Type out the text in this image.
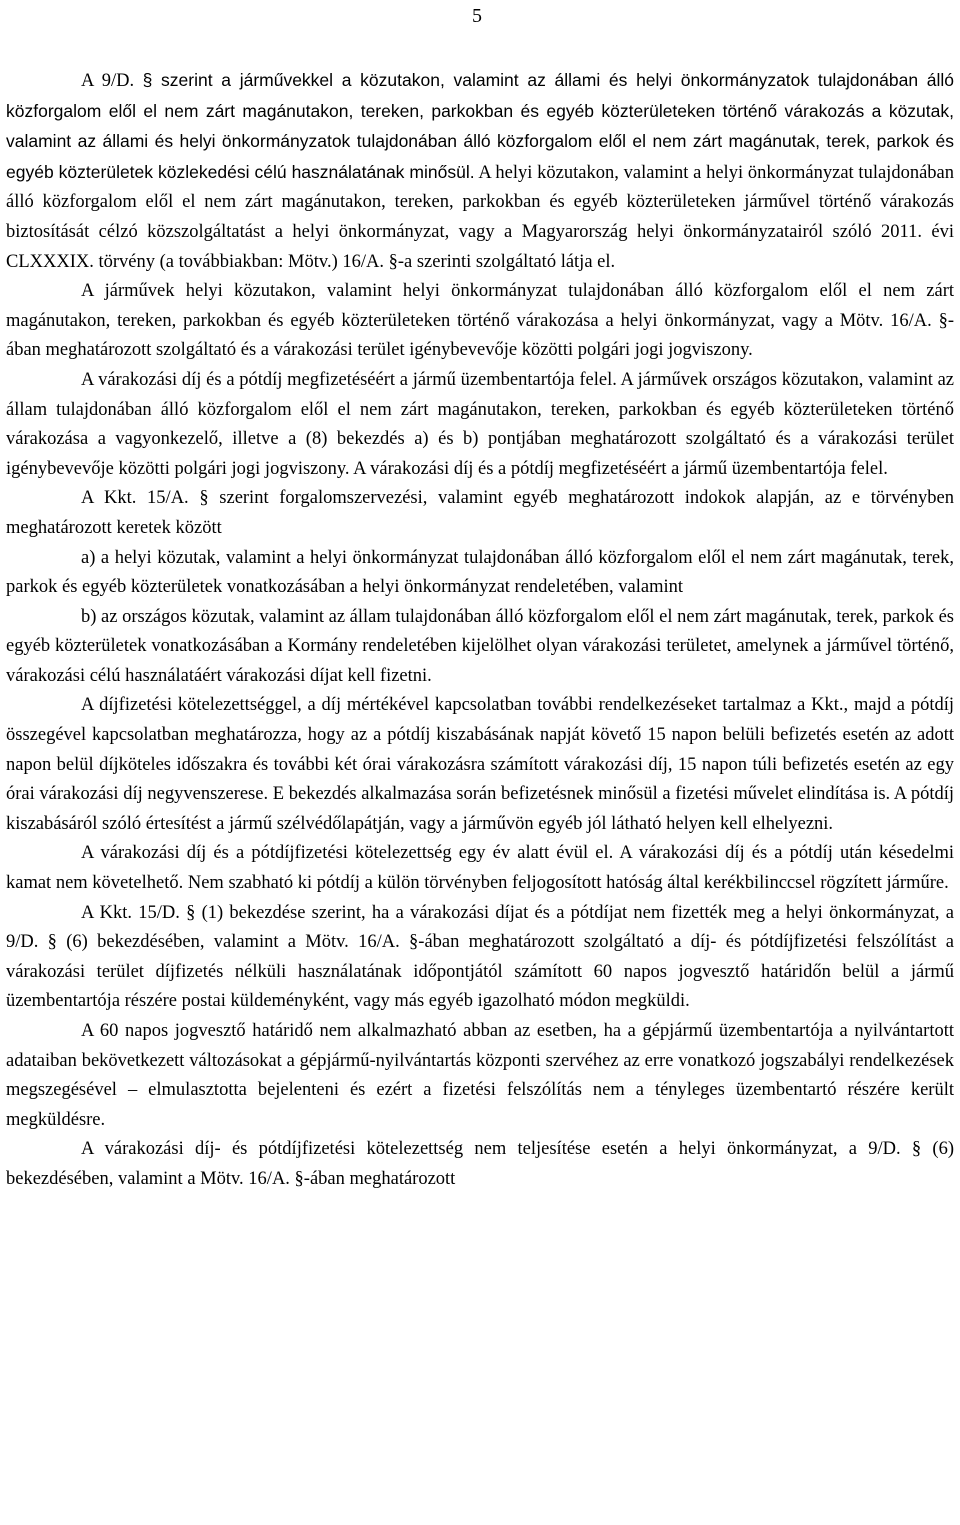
5

A 9/D. § szerint a járművekkel a közutakon, valamint az állami és helyi önkormányzatok tulajdonában álló közforgalom elől el nem zárt magánutakon, tereken, parkokban és egyéb közterületeken történő várakozás a közutak, valamint az állami és helyi önkormányzatok tulajdonában álló közforgalom elől el nem zárt magánutak, terek, parkok és egyéb közterületek közlekedési célú használatának minősül. A helyi közutakon, valamint a helyi önkormányzat tulajdonában álló közforgalom elől el nem zárt magánutakon, tereken, parkokban és egyéb közterületeken járművel történő várakozás biztosítását célzó közszolgáltatást a helyi önkormányzat, vagy a Magyarország helyi önkormányzatairól szóló 2011. évi CLXXXIX. törvény (a továbbiakban: Mötv.) 16/A. §-a szerinti szolgáltató látja el.

A járművek helyi közutakon, valamint helyi önkormányzat tulajdonában álló közforgalom elől el nem zárt magánutakon, tereken, parkokban és egyéb közterületeken történő várakozása a helyi önkormányzat, vagy a Mötv. 16/A. §-ában meghatározott szolgáltató és a várakozási terület igénybevevője közötti polgári jogi jogviszony.

A várakozási díj és a pótdíj megfizetéséért a jármű üzembentartója felel. A járművek országos közutakon, valamint az állam tulajdonában álló közforgalom elől el nem zárt magánutakon, tereken, parkokban és egyéb közterületeken történő várakozása a vagyonkezelő, illetve a (8) bekezdés a) és b) pontjában meghatározott szolgáltató és a várakozási terület igénybevevője közötti polgári jogi jogviszony. A várakozási díj és a pótdíj megfizetéséért a jármű üzembentartója felel.

A Kkt. 15/A. § szerint forgalomszervezési, valamint egyéb meghatározott indokok alapján, az e törvényben meghatározott keretek között

a) a helyi közutak, valamint a helyi önkormányzat tulajdonában álló közforgalom elől el nem zárt magánutak, terek, parkok és egyéb közterületek vonatkozásában a helyi önkormányzat rendeletében, valamint

b) az országos közutak, valamint az állam tulajdonában álló közforgalom elől el nem zárt magánutak, terek, parkok és egyéb közterületek vonatkozásában a Kormány rendeletében kijelölhet olyan várakozási területet, amelynek a járművel történő, várakozási célú használatáért várakozási díjat kell fizetni.

A díjfizetési kötelezettséggel, a díj mértékével kapcsolatban további rendelkezéseket tartalmaz a Kkt., majd a pótdíj összegével kapcsolatban meghatározza, hogy az a pótdíj kiszabásának napját követő 15 napon belüli befizetés esetén az adott napon belül díjköteles időszakra és további két órai várakozásra számított várakozási díj, 15 napon túli befizetés esetén az egy órai várakozási díj negyvenszerese. E bekezdés alkalmazása során befizetésnek minősül a fizetési művelet elindítása is. A pótdíj kiszabásáról szóló értesítést a jármű szélvédőlapátján, vagy a járművön egyéb jól látható helyen kell elhelyezni.

A várakozási díj és a pótdíjfizetési kötelezettség egy év alatt évül el. A várakozási díj és a pótdíj után késedelmi kamat nem követelhető. Nem szabható ki pótdíj a külön törvényben feljogosított hatóság által kerékbilinccsel rögzített járműre.

A Kkt. 15/D. § (1) bekezdése szerint, ha a várakozási díjat és a pótdíjat nem fizették meg a helyi önkormányzat, a 9/D. § (6) bekezdésében, valamint a Mötv. 16/A. §-ában meghatározott szolgáltató a díj- és pótdíjfizetési felszólítást a várakozási terület díjfizetés nélküli használatának időpontjától számított 60 napos jogvesztő határidőn belül a jármű üzembentartója részére postai küldeményként, vagy más egyéb igazolható módon megküldi.

A 60 napos jogvesztő határidő nem alkalmazható abban az esetben, ha a gépjármű üzembentartója a nyilvántartott adataiban bekövetkezett változásokat a gépjármű-nyilvántartás központi szervéhez az erre vonatkozó jogszabályi rendelkezések megszegésével – elmulasztotta bejelenteni és ezért a fizetési felszólítás nem a tényleges üzembentartó részére került megküldésre.

A várakozási díj- és pótdíjfizetési kötelezettség nem teljesítése esetén a helyi önkormányzat, a 9/D. § (6) bekezdésében, valamint a Mötv. 16/A. §-ában meghatározott
